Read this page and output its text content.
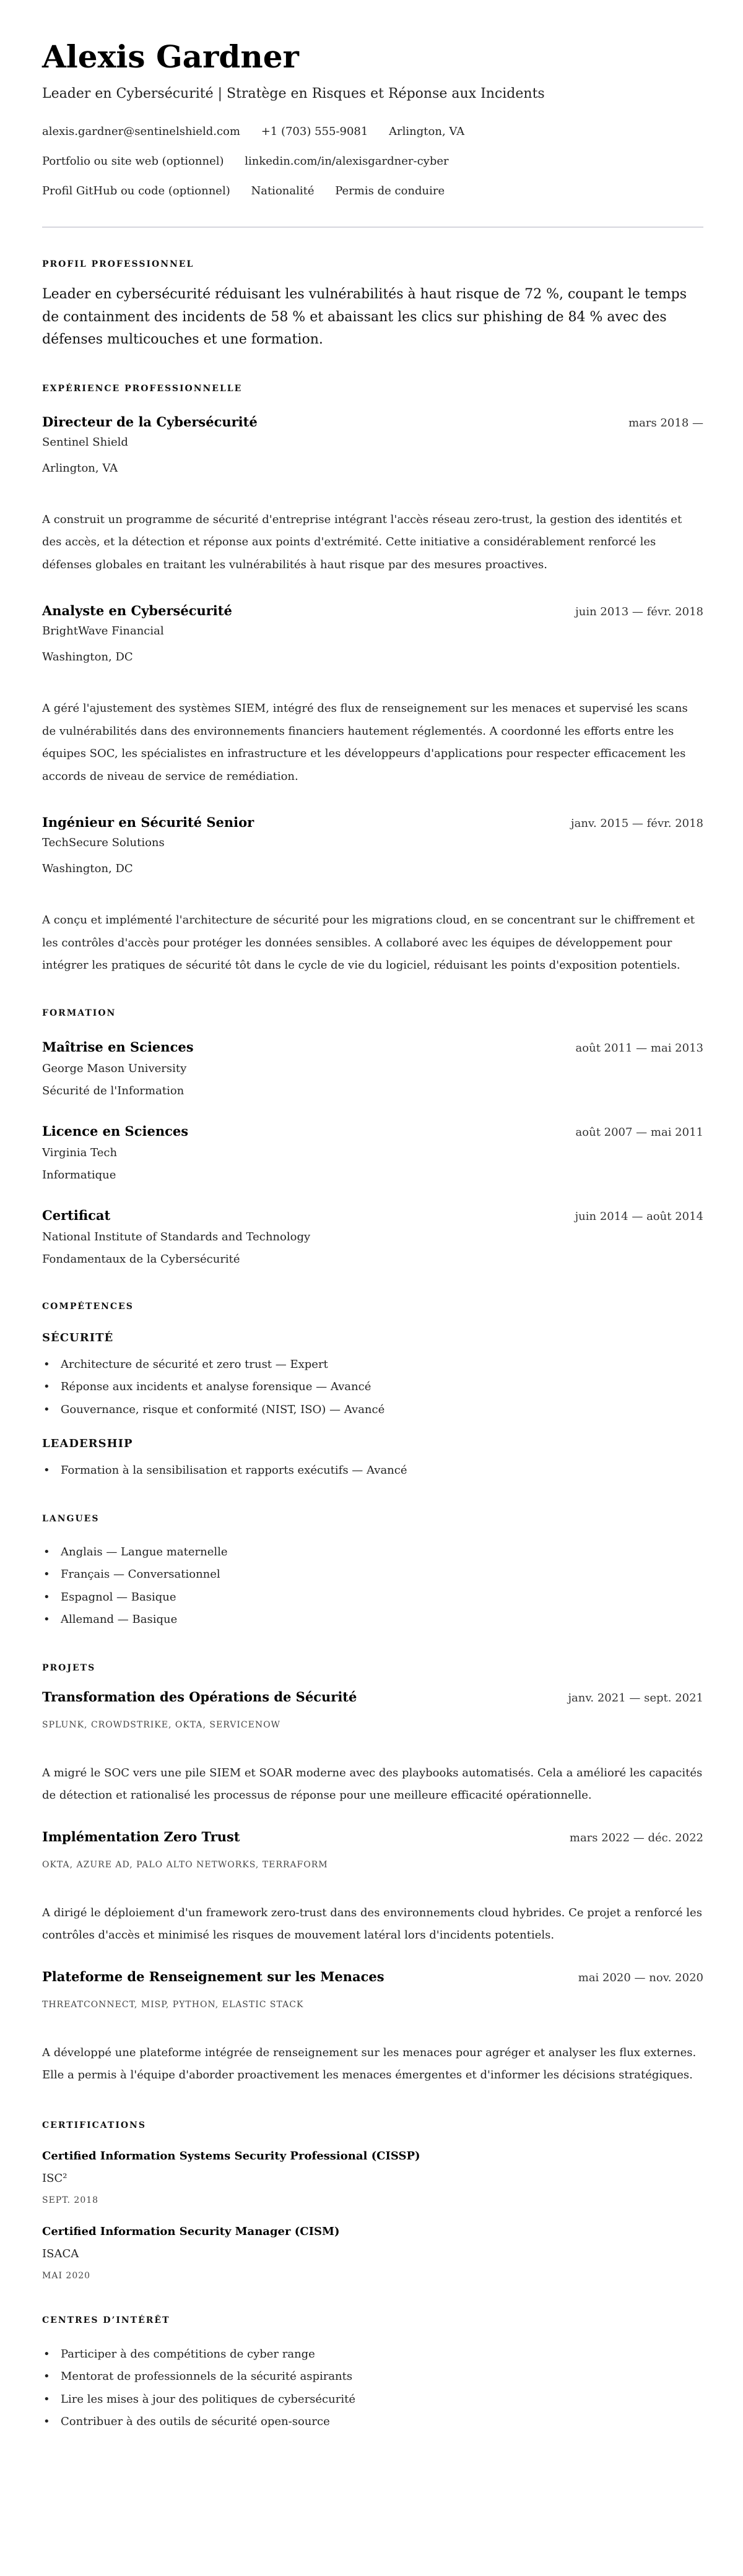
Alexis Gardner
Leader en Cybersécurité | Stratège en Risques et Réponse aux Incidents
alexis.gardner@sentinelshield.com +1 (703) 555-9081 Arlington, VA
Portfolio ou site web (optionnel) linkedin.com/in/alexisgardner-cyber
Profil GitHub ou code (optionnel) Nationalité Permis de conduire
PROFIL PROFESSIONNEL

Leader en cybersécurité réduisant les vulnérabilités à haut risque de 72 %, coupant le temps de containment des incidents de 58 % et abaissant les clics sur phishing de 84 % avec des défenses multicouches et une formation.

EXPÉRIENCE PROFESSIONNELLE
Directeur de la Cybersécurité	mars 2018 —
Sentinel Shield
Arlington, VA
A construit un programme de sécurité d'entreprise intégrant l'accès réseau zero-trust, la gestion des identités et des accès, et la détection et réponse aux points d'extrémité. Cette initiative a considérablement renforcé les défenses globales en traitant les vulnérabilités à haut risque par des mesures proactives.
Analyste en Cybersécurité	juin 2013 — févr. 2018
BrightWave Financial
Washington, DC
A géré l'ajustement des systèmes SIEM, intégré des flux de renseignement sur les menaces et supervisé les scans de vulnérabilités dans des environnements financiers hautement réglementés. A coordonné les efforts entre les équipes SOC, les spécialistes en infrastructure et les développeurs d'applications pour respecter efficacement les accords de niveau de service de remédiation.
Ingénieur en Sécurité Senior	janv. 2015 — févr. 2018
TechSecure Solutions
Washington, DC
A conçu et implémenté l'architecture de sécurité pour les migrations cloud, en se concentrant sur le chiffrement et les contrôles d'accès pour protéger les données sensibles. A collaboré avec les équipes de développement pour intégrer les pratiques de sécurité tôt dans le cycle de vie du logiciel, réduisant les points d'exposition potentiels.
FORMATION
Maîtrise en Sciences	août 2011 — mai 2013
George Mason University
Sécurité de l'Information
Licence en Sciences	août 2007 — mai 2011
Virginia Tech
Informatique
Certificat	juin 2014 — août 2014
National Institute of Standards and Technology
Fondamentaux de la Cybersécurité
COMPÉTENCES
SÉCURITÉ
• Architecture de sécurité et zero trust — Expert
• Réponse aux incidents et analyse forensique — Avancé
• Gouvernance, risque et conformité (NIST, ISO) — Avancé
LEADERSHIP
• Formation à la sensibilisation et rapports exécutifs — Avancé
LANGUES
• Anglais — Langue maternelle
• Français — Conversationnel
• Espagnol — Basique
• Allemand — Basique
PROJETS
Transformation des Opérations de Sécurité	janv. 2021 — sept. 2021
SPLUNK, CROWDSTRIKE, OKTA, SERVICENOW
A migré le SOC vers une pile SIEM et SOAR moderne avec des playbooks automatisés. Cela a amélioré les capacités de détection et rationalisé les processus de réponse pour une meilleure efficacité opérationnelle.
Implémentation Zero Trust	mars 2022 — déc. 2022
OKTA, AZURE AD, PALO ALTO NETWORKS, TERRAFORM
A dirigé le déploiement d'un framework zero-trust dans des environnements cloud hybrides. Ce projet a renforcé les contrôles d'accès et minimisé les risques de mouvement latéral lors d'incidents potentiels.
Plateforme de Renseignement sur les Menaces	mai 2020 — nov. 2020
THREATCONNECT, MISP, PYTHON, ELASTIC STACK
A développé une plateforme intégrée de renseignement sur les menaces pour agréger et analyser les flux externes. Elle a permis à l'équipe d'aborder proactivement les menaces émergentes et d'informer les décisions stratégiques.
CERTIFICATIONS
Certified Information Systems Security Professional (CISSP)
ISC²
SEPT. 2018
Certified Information Security Manager (CISM)
ISACA
MAI 2020
CENTRES D’INTÉRÊT
• Participer à des compétitions de cyber range
• Mentorat de professionnels de la sécurité aspirants
• Lire les mises à jour des politiques de cybersécurité
• Contribuer à des outils de sécurité open-source
